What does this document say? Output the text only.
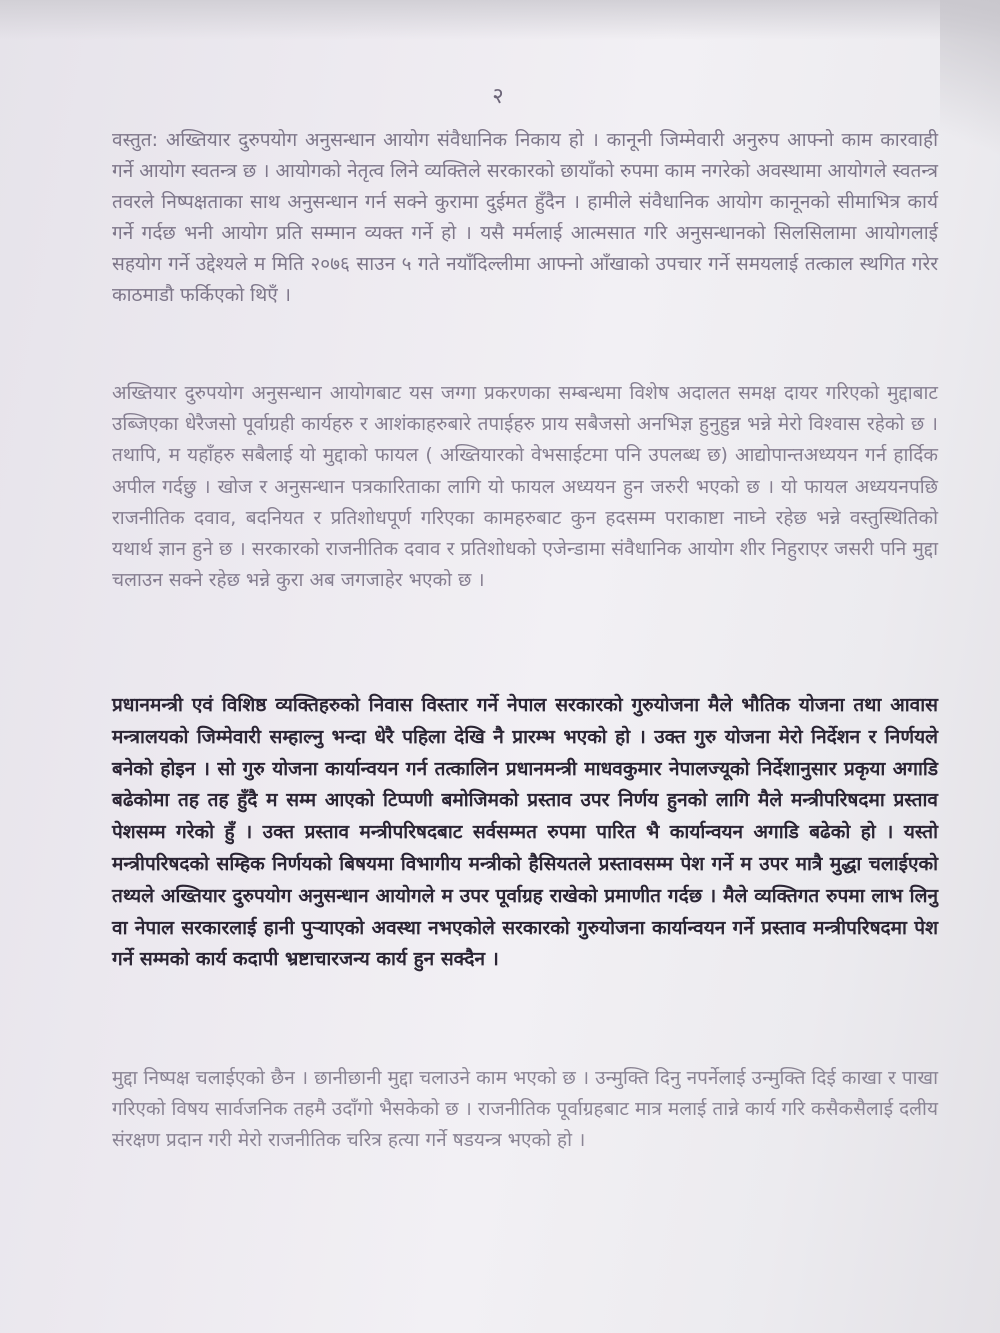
२

वस्तुत: अख्तियार दुरुपयोग अनुसन्धान आयोग संवैधानिक निकाय हो । कानूनी जिम्मेवारी अनुरुप आफ्नो काम कारवाही गर्ने आयोग स्वतन्त्र छ । आयोगको नेतृत्व लिने व्यक्तिले सरकारको छायाँको रुपमा काम नगरेको अवस्थामा आयोगले स्वतन्त्र तवरले निष्पक्षताका साथ अनुसन्धान गर्न सक्ने कुरामा दुईमत हुँदैन । हामीले संवैधानिक आयोग कानूनको सीमाभित्र कार्य गर्ने गर्दछ भनी आयोग प्रति सम्मान व्यक्त गर्ने हो । यसै मर्मलाई आत्मसात गरि अनुसन्धानको सिलसिलामा आयोगलाई सहयोग गर्ने उद्देश्यले म मिति २०७६ साउन ५ गते नयाँदिल्लीमा आफ्नो आँखाको उपचार गर्ने समयलाई तत्काल स्थगित गरेर काठमाडौ फर्किएको थिएँ ।

अख्तियार दुरुपयोग अनुसन्धान आयोगबाट यस जग्गा प्रकरणका सम्बन्धमा विशेष अदालत समक्ष दायर गरिएको मुद्दाबाट उब्जिएका धेरैजसो पूर्वाग्रही कार्यहरु र आशंकाहरुबारे तपाईहरु प्राय सबैजसो अनभिज्ञ हुनुहुन्न भन्ने मेरो विश्वास रहेको छ । तथापि, म यहाँहरु सबैलाई यो मुद्दाको फायल ( अख्तियारको वेभसाईटमा पनि उपलब्ध छ) आद्योपान्तअध्ययन गर्न हार्दिक अपील गर्दछु । खोज र अनुसन्धान पत्रकारिताका लागि यो फायल अध्ययन हुन जरुरी भएको छ । यो फायल अध्ययनपछि राजनीतिक दवाव, बदनियत र प्रतिशोधपूर्ण गरिएका कामहरुबाट कुन हदसम्म पराकाष्टा नाघ्ने रहेछ भन्ने वस्तुस्थितिको यथार्थ ज्ञान हुने छ । सरकारको राजनीतिक दवाव र प्रतिशोधको एजेन्डामा संवैधानिक आयोग शीर निहुराएर जसरी पनि मुद्दा चलाउन सक्ने रहेछ भन्ने कुरा अब जगजाहेर भएको छ ।

प्रधानमन्त्री एवं विशिष्ठ व्यक्तिहरुको निवास विस्तार गर्ने नेपाल सरकारको गुरुयोजना मैले भौतिक योजना तथा आवास मन्त्रालयको जिम्मेवारी सम्हाल्नु भन्दा धेरै पहिला देखि नै प्रारम्भ भएको हो । उक्त गुरु योजना मेरो निर्देशन र निर्णयले बनेको होइन । सो गुरु योजना कार्यान्वयन गर्न तत्कालिन प्रधानमन्त्री माधवकुमार नेपालज्यूको निर्देशानुसार प्रकृया अगाडि बढेकोमा तह तह हुँदै म सम्म आएको टिप्पणी बमोजिमको प्रस्ताव उपर निर्णय हुनको लागि मैले मन्त्रीपरिषदमा प्रस्ताव पेशसम्म गरेको हुँ । उक्त प्रस्ताव मन्त्रीपरिषदबाट सर्वसम्मत रुपमा पारित भै कार्यान्वयन अगाडि बढेको हो । यस्तो मन्त्रीपरिषदको सम्हिक निर्णयको बिषयमा विभागीय मन्त्रीको हैसियतले प्रस्तावसम्म पेश गर्ने म उपर मात्रै मुद्धा चलाईएको तथ्यले अख्तियार दुरुपयोग अनुसन्धान आयोगले म उपर पूर्वाग्रह राखेको प्रमाणीत गर्दछ । मैले व्यक्तिगत रुपमा लाभ लिनु वा नेपाल सरकारलाई हानी पुऱ्याएको अवस्था नभएकोले सरकारको गुरुयोजना कार्यान्वयन गर्ने प्रस्ताव मन्त्रीपरिषदमा पेश गर्ने सम्मको कार्य कदापी भ्रष्टाचारजन्य कार्य हुन सक्दैन ।

मुद्दा निष्पक्ष चलाईएको छैन । छानीछानी मुद्दा चलाउने काम भएको छ । उन्मुक्ति दिनु नपर्नेलाई उन्मुक्ति दिई काखा र पाखा गरिएको विषय सार्वजनिक तहमै उदाँगो भैसकेको छ । राजनीतिक पूर्वाग्रहबाट मात्र मलाई तान्ने कार्य गरि कसैकसैलाई दलीय संरक्षण प्रदान गरी मेरो राजनीतिक चरित्र हत्या गर्ने षडयन्त्र भएको हो ।
